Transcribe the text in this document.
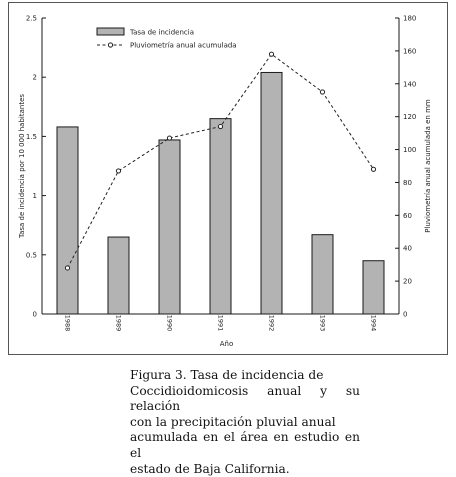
0
0.5
1
1.5
2
2.5
0
20
40
60
80
100
120
140
160
180
Tasa de incidencia por 10 000 habitantes	Pluviometría anual acumulada en mm
1988	1989	1990	1991	1992	1993	1994
Año
Tasa de incidencia
Pluviometría anual acumulada
Figura 3. Tasa de incidencia de
Coccidioidomicosis anual y su relación
con la precipitación pluvial anual
acumulada en el área en estudio en el
estado de Baja California.
